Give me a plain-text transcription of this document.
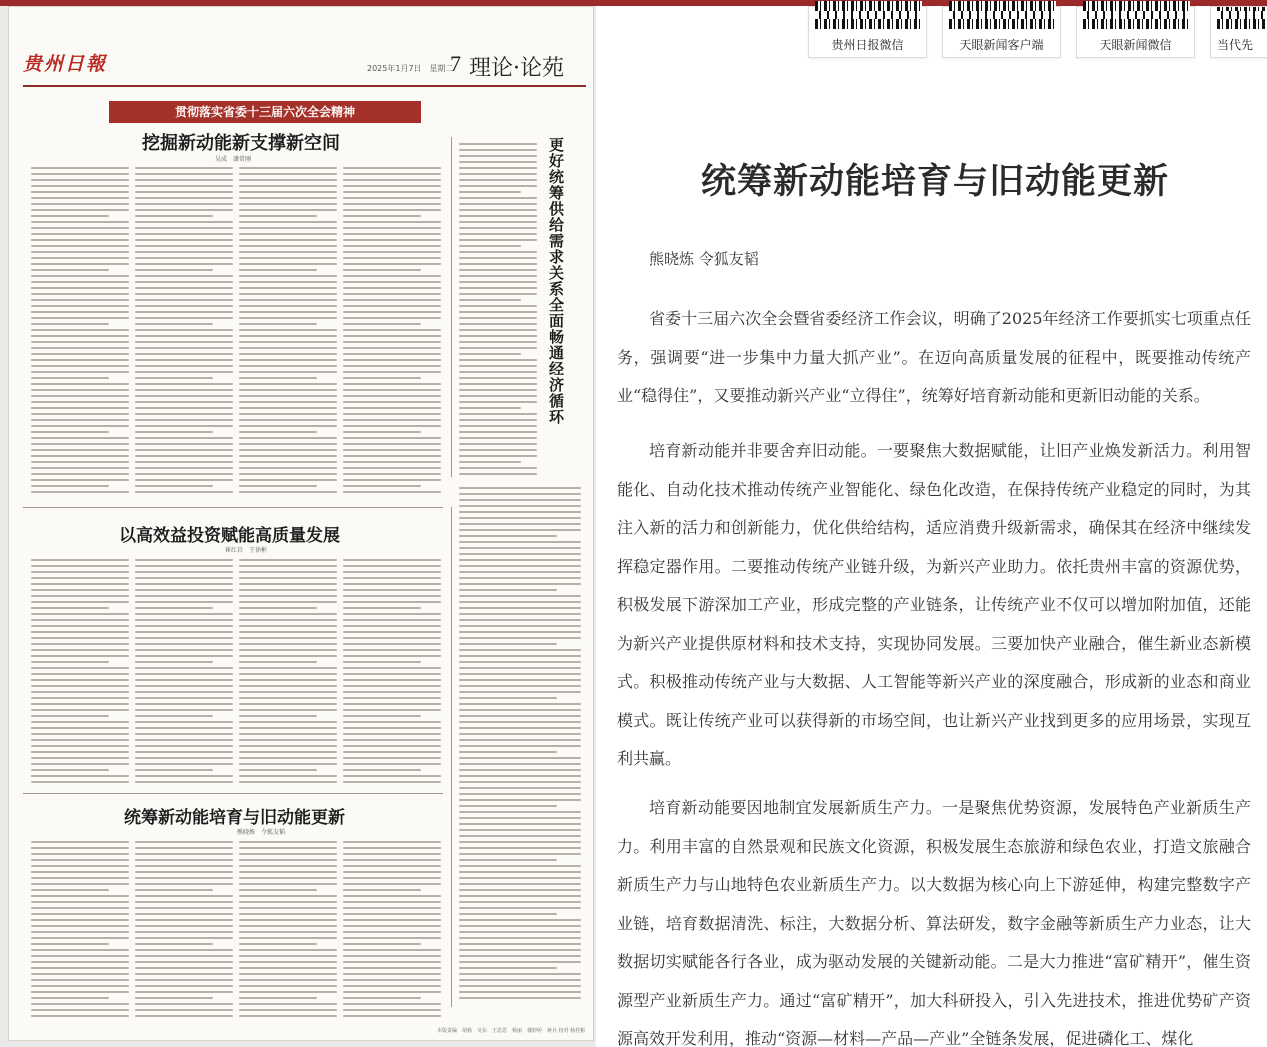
贵州日報	2025年1月7日　星期二
7 理论·论苑
贯彻落实省委十三届六次全会精神
挖掘新动能新支撑新空间
吴成　潘常刚	更好统筹供给需求关系全面畅通经济循环
以高效益投资赋能高质量发展
崔红岩　王徐彬
统筹新动能培育与旧动能更新
熊晓炼　令狐友韬
本版责编　胡杨　吴东　王思思　杨丽　楼婷婷　蒋兵 校对 杨桂彬
贵州日报微信	天眼新闻客户端	天眼新闻微信	当代先
统筹新动能培育与旧动能更新
熊晓炼 令狐友韬
省委十三届六次全会暨省委经济工作会议，明确了2025年经济工作要抓实七项重点任务，强调要“进一步集中力量大抓产业”。在迈向高质量发展的征程中，既要推动传统产业“稳得住”，又要推动新兴产业“立得住”，统筹好培育新动能和更新旧动能的关系。
培育新动能并非要舍弃旧动能。一要聚焦大数据赋能，让旧产业焕发新活力。利用智能化、自动化技术推动传统产业智能化、绿色化改造，在保持传统产业稳定的同时，为其注入新的活力和创新能力，优化供给结构，适应消费升级新需求，确保其在经济中继续发挥稳定器作用。二要推动传统产业链升级，为新兴产业助力。依托贵州丰富的资源优势，积极发展下游深加工产业，形成完整的产业链条，让传统产业不仅可以增加附加值，还能为新兴产业提供原材料和技术支持，实现协同发展。三要加快产业融合，催生新业态新模式。积极推动传统产业与大数据、人工智能等新兴产业的深度融合，形成新的业态和商业模式。既让传统产业可以获得新的市场空间，也让新兴产业找到更多的应用场景，实现互利共赢。
培育新动能要因地制宜发展新质生产力。一是聚焦优势资源，发展特色产业新质生产力。利用丰富的自然景观和民族文化资源，积极发展生态旅游和绿色农业，打造文旅融合新质生产力与山地特色农业新质生产力。以大数据为核心向上下游延伸，构建完整数字产业链，培育数据清洗、标注，大数据分析、算法研发，数字金融等新质生产力业态，让大数据切实赋能各行各业，成为驱动发展的关键新动能。二是大力推进“富矿精开”，催生资源型产业新质生产力。通过“富矿精开”，加大科研投入，引入先进技术，推进优势矿产资源高效开发利用，推动“资源—材料—产品—产业”全链条发展，促进磷化工、煤化
